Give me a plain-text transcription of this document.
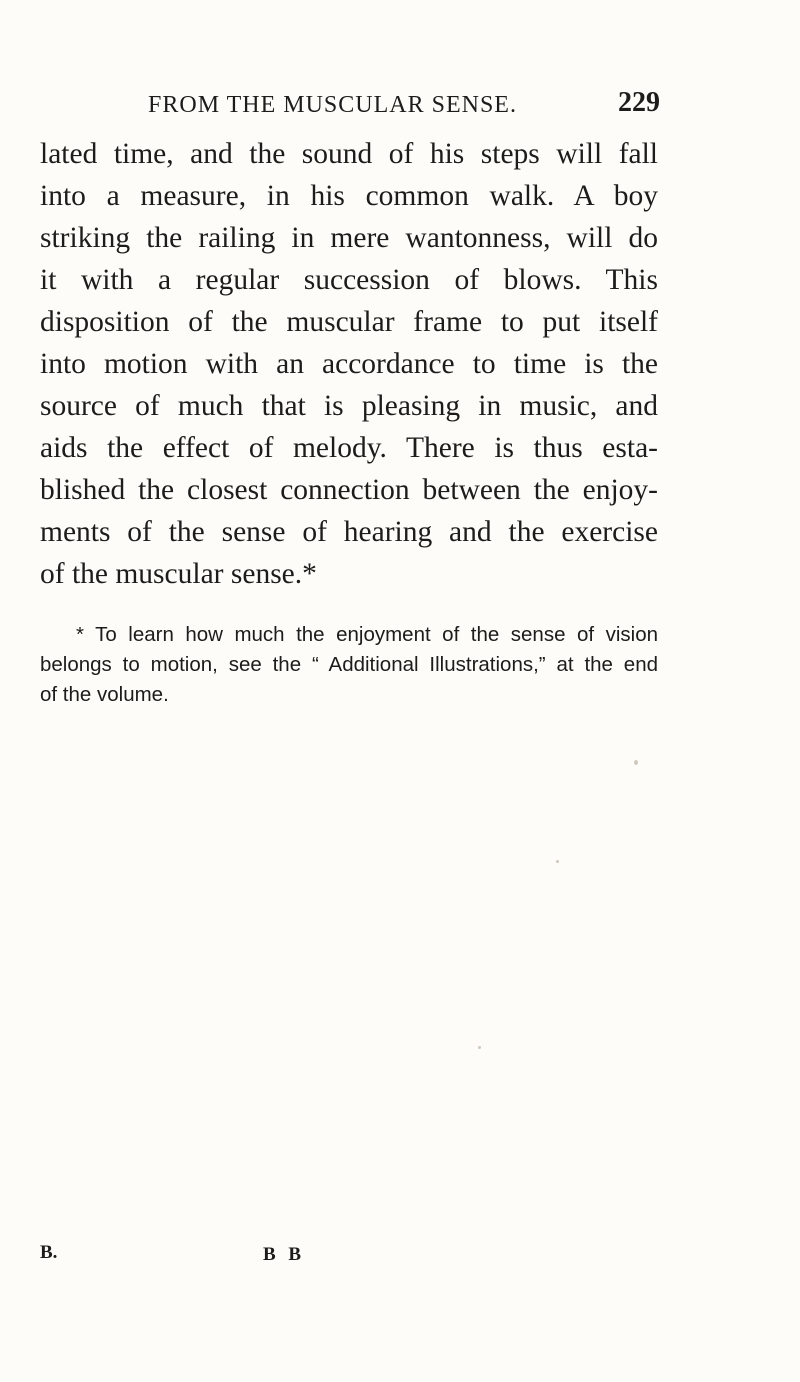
FROM THE MUSCULAR SENSE.	229
lated time, and the sound of his steps will fall
into a measure, in his common walk. A boy
striking the railing in mere wantonness, will do
it with a regular succession of blows. This
disposition of the muscular frame to put itself
into motion with an accordance to time is the
source of much that is pleasing in music, and
aids the effect of melody. There is thus esta-
blished the closest connection between the enjoy-
ments of the sense of hearing and the exercise
of the muscular sense.*
* To learn how much the enjoyment of the sense of vision
belongs to motion, see the “ Additional Illustrations,” at the end
of the volume.
B.	B B
